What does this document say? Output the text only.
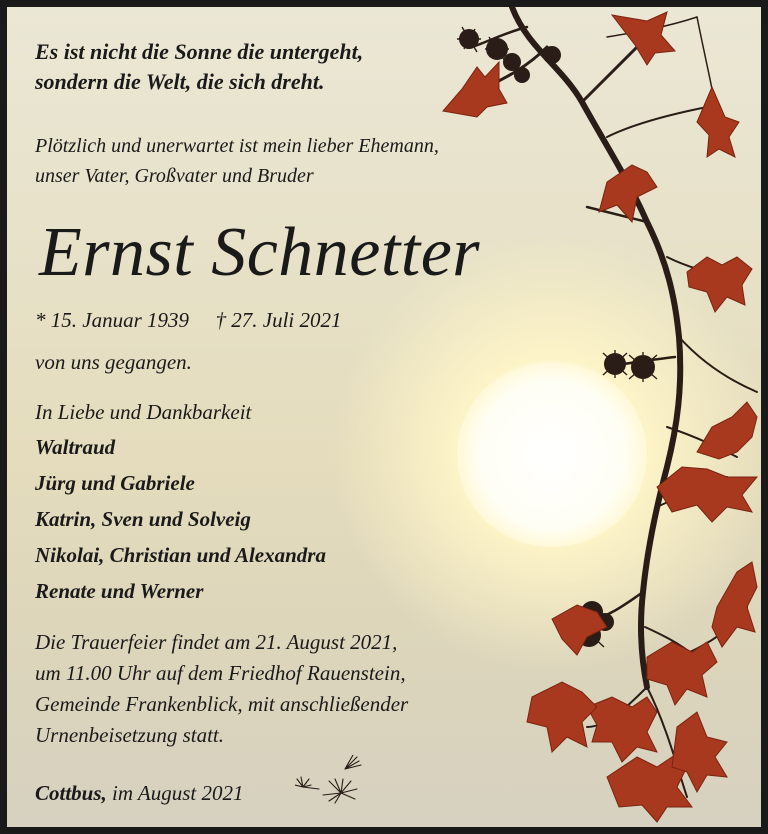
Es ist nicht die Sonne die untergeht,

sondern die Welt, die sich dreht.

Plötzlich und unerwartet ist mein lieber Ehemann,

unser Vater, Großvater und Bruder

Ernst Schnetter

* 15. Januar 1939 † 27. Juli 2021

von uns gegangen.

In Liebe und Dankbarkeit

Waltraud

Jürg und Gabriele

Katrin, Sven und Solveig

Nikolai, Christian und Alexandra

Renate und Werner

Die Trauerfeier findet am 21. August 2021,

um 11.00 Uhr auf dem Friedhof Rauenstein,

Gemeinde Frankenblick, mit anschließender

Urnenbeisetzung statt.

Cottbus, im August 2021
